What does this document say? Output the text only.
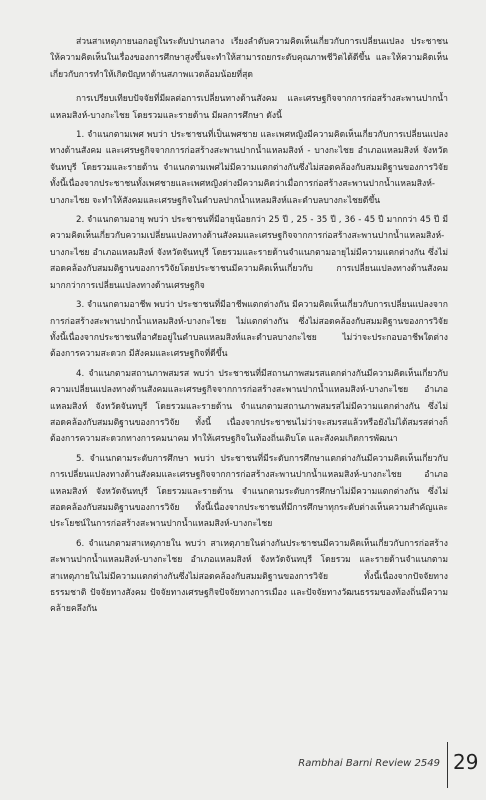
ส่วนสาเหตุภายนอกอยู่ในระดับปานกลาง เรียงลำดับความคิดเห็นเกี่ยวกับการเปลี่ยนแปลง ประชาชนให้ความคิดเห็นในเรื่องของการศึกษาสูงขึ้นจะทำให้สามารถยกระดับคุณภาพชีวิตได้ดีขึ้น และให้ความคิดเห็นเกี่ยวกับการทำให้เกิดปัญหาด้านสภาพแวดล้อมน้อยที่สุด

การเปรียบเทียบปัจจัยที่มีผลต่อการเปลี่ยนทางด้านสังคม และเศรษฐกิจจากการก่อสร้างสะพานปากน้ำแหลมสิงห์-บางกะไชย โดยรวมและรายด้าน มีผลการศึกษา ดังนี้

1. จำแนกตามเพศ พบว่า ประชาชนที่เป็นเพศชาย และเพศหญิงมีความคิดเห็นเกี่ยวกับการเปลี่ยนแปลงทางด้านสังคม และเศรษฐกิจจากการก่อสร้างสะพานปากน้ำแหลมสิงห์ - บางกะไชย อำเภอแหลมสิงห์ จังหวัดจันทบุรี โดยรวมและรายด้าน จำแนกตามเพศไม่มีความแตกต่างกันซึ่งไม่สอดคล้องกับสมมติฐานของการวิจัย ทั้งนี้เนื่องจากประชาชนทั้งเพศชายและเพศหญิงต่างมีความคิดว่าเมื่อการก่อสร้างสะพานปากน้ำแหลมสิงห์-บางกะไชย จะทำให้สังคมและเศรษฐกิจในตำบลปากน้ำแหลมสิงห์และตำบลบางกะไชยดีขึ้น

2. จำแนกตามอายุ พบว่า ประชาชนที่มีอายุน้อยกว่า 25 ปี , 25 - 35 ปี , 36 - 45 ปี มากกว่า 45 ปี มีความคิดเห็นเกี่ยวกับความเปลี่ยนแปลงทางด้านสังคมและเศรษฐกิจจากการก่อสร้างสะพานปากน้ำแหลมสิงห์-บางกะไชย อำเภอแหลมสิงห์ จังหวัดจันทบุรี โดยรวมและรายด้านจำแนกตามอายุไม่มีความแตกต่างกัน ซึ่งไม่สอดคล้องกับสมมติฐานของการวิจัยโดยประชาชนมีความคิดเห็นเกี่ยวกับ การเปลี่ยนแปลงทางด้านสังคมมากกว่าการเปลี่ยนแปลงทางด้านเศรษฐกิจ

3. จำแนกตามอาชีพ พบว่า ประชาชนที่มีอาชีพแตกต่างกัน มีความคิดเห็นเกี่ยวกับการเปลี่ยนแปลงจากการก่อสร้างสะพานปากน้ำแหลมสิงห์-บางกะไชย ไม่แตกต่างกัน ซึ่งไม่สอดคล้องกับสมมติฐานของการวิจัย ทั้งนี้เนื่องจากประชาชนที่อาศัยอยู่ในตำบลแหลมสิงห์และตำบลบางกะไชย ไม่ว่าจะประกอบอาชีพใดต่างต้องการความสะดวก มีสังคมและเศรษฐกิจที่ดีขึ้น

4. จำแนกตามสถานภาพสมรส พบว่า ประชาชนที่มีสถานภาพสมรสแตกต่างกันมีความคิดเห็นเกี่ยวกับความเปลี่ยนแปลงทางด้านสังคมและเศรษฐกิจจากการก่อสร้างสะพานปากน้ำแหลมสิงห์-บางกะไชย อำเภอแหลมสิงห์ จังหวัดจันทบุรี โดยรวมและรายด้าน จำแนกตามสถานภาพสมรสไม่มีความแตกต่างกัน ซึ่งไม่สอดคล้องกับสมมติฐานของการวิจัย ทั้งนี้ เนื่องจากประชาชนไม่ว่าจะสมรสแล้วหรือยังไม่ได้สมรสต่างก็ต้องการความสะดวกทางการคมนาคม ทำให้เศรษฐกิจในท้องถิ่นเติบโต และสังคมเกิดการพัฒนา

5. จำแนกตามระดับการศึกษา พบว่า ประชาชนที่มีระดับการศึกษาแตกต่างกันมีความคิดเห็นเกี่ยวกับการเปลี่ยนแปลงทางด้านสังคมและเศรษฐกิจจากการก่อสร้างสะพานปากน้ำแหลมสิงห์-บางกะไชย อำเภอแหลมสิงห์ จังหวัดจันทบุรี โดยรวมและรายด้าน จำแนกตามระดับการศึกษาไม่มีความแตกต่างกัน ซึ่งไม่สอดคล้องกับสมมติฐานของการวิจัย ทั้งนี้เนื่องจากประชาชนที่มีการศึกษาทุกระดับต่างเห็นความสำคัญและประโยชน์ในการก่อสร้างสะพานปากน้ำแหลมสิงห์-บางกะไชย

6. จำแนกตามสาเหตุภายใน พบว่า สาเหตุภายในต่างกันประชาชนมีความคิดเห็นเกี่ยวกับการก่อสร้างสะพานปากน้ำแหลมสิงห์-บางกะไชย อำเภอแหลมสิงห์ จังหวัดจันทบุรี โดยรวม และรายด้านจำแนกตามสาเหตุภายในไม่มีความแตกต่างกันซึ่งไม่สอดคล้องกับสมมติฐานของการวิจัย ทั้งนี้เนื่องจากปัจจัยทางธรรมชาติ ปัจจัยทางสังคม ปัจจัยทางเศรษฐกิจปัจจัยทางการเมือง และปัจจัยทางวัฒนธรรมของท้องถิ่นมีความคล้ายคลึงกัน

Rambhai Barni Review 2549 29
